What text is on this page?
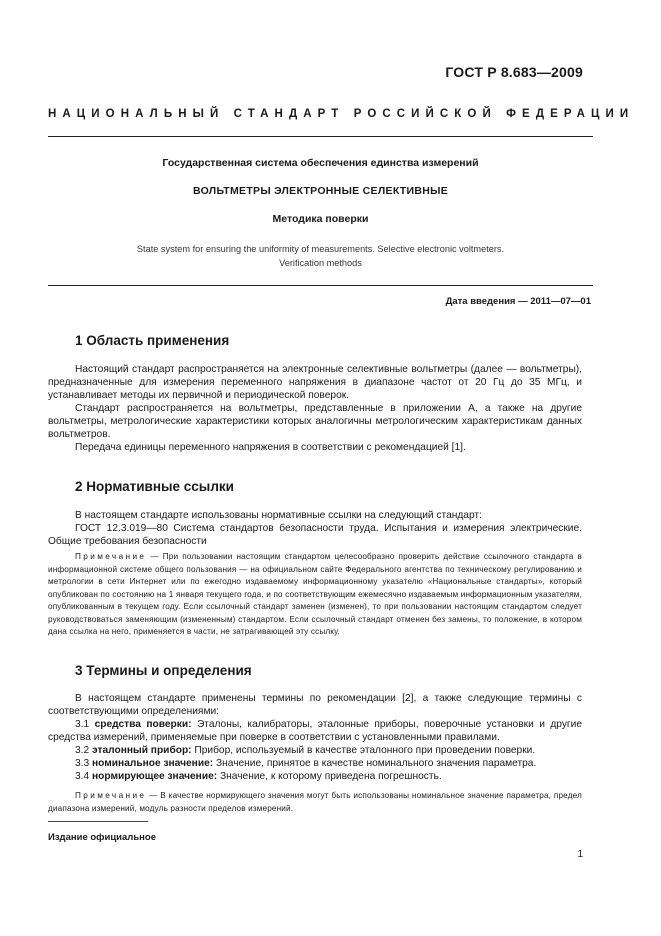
ГОСТ Р 8.683—2009
НАЦИОНАЛЬНЫЙ СТАНДАРТ РОССИЙСКОЙ ФЕДЕРАЦИИ
Государственная система обеспечения единства измерений
ВОЛЬТМЕТРЫ ЭЛЕКТРОННЫЕ СЕЛЕКТИВНЫЕ
Методика поверки
State system for ensuring the uniformity of measurements. Selective electronic voltmeters.
Verification methods
Дата введения — 2011—07—01
1 Область применения
Настоящий стандарт распространяется на электронные селективные вольтметры (далее — вольтметры), предназначенные для измерения переменного напряжения в диапазоне частот от 20 Гц до 35 МГц, и устанавливает методы их первичной и периодической поверок.
Стандарт распространяется на вольтметры, представленные в приложении А, а также на другие вольтметры, метрологические характеристики которых аналогичны метрологическим характеристикам данных вольтметров.
Передача единицы переменного напряжения в соответствии с рекомендацией [1].
2 Нормативные ссылки
В настоящем стандарте использованы нормативные ссылки на следующий стандарт:
ГОСТ 12.3.019—80 Система стандартов безопасности труда. Испытания и измерения электрические. Общие требования безопасности
Примечание — При пользовании настоящим стандартом целесообразно проверить действие ссылочного стандарта в информационной системе общего пользования — на официальном сайте Федерального агентства по техническому регулированию и метрологии в сети Интернет или по ежегодно издаваемому информационному указателю «Национальные стандарты», который опубликован по состоянию на 1 января текущего года, и по соответствующим ежемесячно издаваемым информационным указателям, опубликованным в текущем году. Если ссылочный стандарт заменен (изменен), то при пользовании настоящим стандартом следует руководствоваться заменяющим (измененным) стандартом. Если ссылочный стандарт отменен без замены, то положение, в котором дана ссылка на него, применяется в части, не затрагивающей эту ссылку.
3 Термины и определения
В настоящем стандарте применены термины по рекомендации [2], а также следующие термины с соответствующими определениями:
3.1 средства поверки: Эталоны, калибраторы, эталонные приборы, поверочные установки и другие средства измерений, применяемые при поверке в соответствии с установленными правилами.
3.2 эталонный прибор: Прибор, используемый в качестве эталонного при проведении поверки.
3.3 номинальное значение: Значение, принятое в качестве номинального значения параметра.
3.4 нормирующее значение: Значение, к которому приведена погрешность.
Примечание — В качестве нормирующего значения могут быть использованы номинальное значение параметра, предел диапазона измерений, модуль разности пределов измерений.
Издание официальное
1
